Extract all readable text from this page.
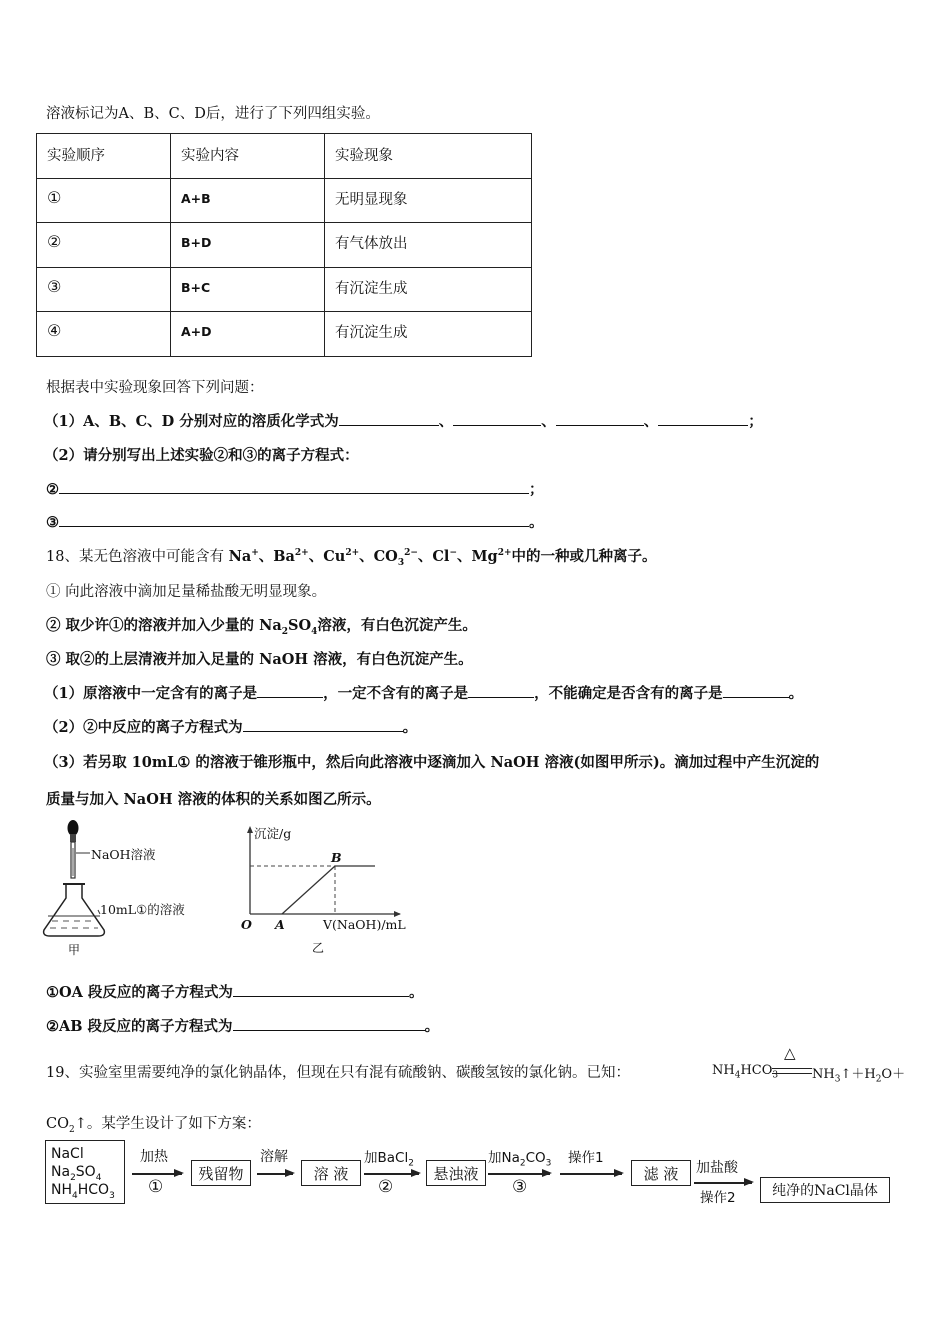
溶液标记为A、B、C、D后，进行了下列四组实验。
实验顺序	实验内容	实验现象
①	A+B	无明显现象
②	B+D	有气体放出
③	B+C	有沉淀生成
④	A+D	有沉淀生成
根据表中实验现象回答下列问题：
（1）A、B、C、D 分别对应的溶质化学式为	、	、	、	；
（2）请分别写出上述实验②和③的离子方程式：
②	；
③	。
18、某无色溶液中可能含有 Na+、$Ba^{2+}$、$Cu^{2+}$、$CO_3^{2-}$、Cl−、$Mg^{2+}$中的一种或几种离子。
① 向此溶液中滴加足量稀盐酸无明显现象。
② 取少许①的溶液并加入少量的 $Na_2SO_4$溶液，有白色沉淀产生。
③ 取②的上层清液并加入足量的 NaOH 溶液，有白色沉淀产生。
（1）原溶液中一定含有的离子是	，一定不含有的离子是	，不能确定是否含有的离子是	。
（2）②中反应的离子方程式为	。
（3）若另取 10mL① 的溶液于锥形瓶中，然后向此溶液中逐滴加入 NaOH 溶液(如图甲所示)。滴加过程中产生沉淀的
质量与加入 NaOH 溶液的体积的关系如图乙所示。
NaOH溶液
10mL①的溶液
甲
沉淀/g
B
O A	V(NaOH)/mL
乙
①OA 段反应的离子方程式为	。
②AB 段反应的离子方程式为	。
19、实验室里需要纯净的氯化钠晶体，但现在只有混有硫酸钠、碳酸氢铵的氯化钠。已知：	$NH_4HCO_3$
△
$NH_3↑+H_2O+$
$CO_2↑$。某学生设计了如下方案：
NaCl
$Na_2SO_4$
$NH_4HCO_3$
加热
①
残留物
溶解
溶 液
加BaCl$_2$
②
悬浊液
加$Na_2CO_3$
③
操作1
滤 液	加盐酸
操作2	纯净的NaCl晶体
